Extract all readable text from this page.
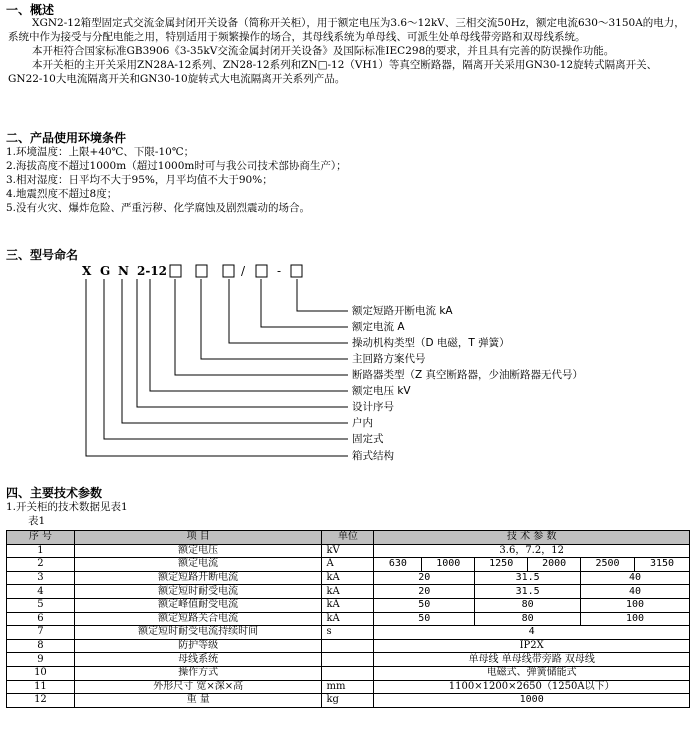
一、概述

XGN2-12箱型固定式交流金属封闭开关设备（简称开关柜），用于额定电压为3.6～12kV、三相交流50Hz，额定电流630～3150A的电力，系统中作为接受与分配电能之用，特别适用于频繁操作的场合，其母线系统为单母线、可派生处单母线带旁路和双母线系统。

本开柜符合国家标准GB3906《3-35kV交流金属封闭开关设备》及国际标准IEC298的要求，并且具有完善的防误操作功能。

本开关柜的主开关采用ZN28A-12系列、ZN28-12系列和ZN□-12（VH1）等真空断路器，隔离开关采用GN30-12旋转式隔离开关、GN22-10大电流隔离开关和GN30-10旋转式大电流隔离开关系列产品。

二、产品使用环境条件
1.环境温度：上限+40℃、下限-10℃；
2.海拔高度不超过1000m（超过1000m时可与我公司技术部协商生产）；
3.相对湿度：日平均不大于95%，月平均值不大于90%；
4.地震烈度不超过8度；
5.没有火灾、爆炸危险、严重污秽、化学腐蚀及剧烈震动的场合。
三、型号命名
X G N 2-12	/	-
额定短路开断电流 kA
额定电流 A
操动机构类型（D 电磁，T 弹簧）
主回路方案代号
断路器类型（Z 真空断路器，少油断路器无代号）
额定电压 kV
设计序号
户内
固定式
箱式结构
四、主要技术参数
1.开关柜的技术数据见表1
表1
序 号	项 目	单位	技 术 参 数					
1	额定电压	kV	3.6，7.2，12					
2	额定电流	A	630	1000	1250	2000	2500	3150
3	额定短路开断电流	kA	20		31.5		40	
4	额定短时耐受电流	kA	20		31.5		40	
5	额定峰值耐受电流	kA	50		80		100	
6	额定短路关合电流	kA	50		80		100	
7	额定短时耐受电流持续时间	s	4					
8	防护等级		IP2X					
9	母线系统		单母线 单母线带旁路 双母线					
10	操作方式		电磁式、弹簧储能式					
11	外形尺寸 宽×深×高	mm	1100×1200×2650（1250A以下）					
12	重 量	kg	1000					
